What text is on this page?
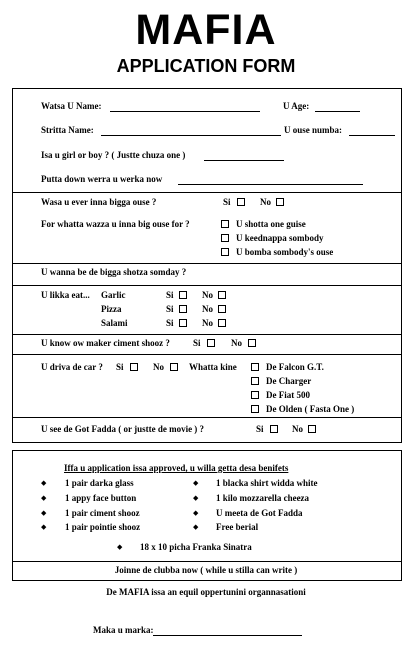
MAFIA
APPLICATION FORM
Watsa U Name:	U Age:
Stritta Name:	U ouse numba:
Isa u girl or boy ? ( Justte chuza one )
Putta down werra u werka now
Wasa u ever inna bigga ouse ?	Si	No
For whatta wazza u inna big ouse for ?	U shotta one guise
U keednappa sombody
U bomba sombody's ouse
U wanna be de bigga shotza somday ?
U likka eat... Garlic	Si	No
Pizza	Si	No
Salami	Si	No
U know ow maker ciment shooz ?	Si	No
U driva de car ? Si	No	Whatta kine	De Falcon G.T.
De Charger
De Fiat 500
De Olden ( Fasta One )
U see de Got Fadda ( or justte de movie ) ?	Si	No
Iffa u application issa approved, u willa getta desa benifets
◆ 1 pair darka glass	◆ 1 blacka shirt widda white
◆ 1 appy face button	◆ 1 kilo mozzarella cheeza
◆ 1 pair ciment shooz	◆ U meeta de Got Fadda
◆ 1 pair pointie shooz	◆ Free berial
◆ 18 x 10 picha Franka Sinatra
Joinne de clubba now ( while u stilla can write )
De MAFIA issa an equil oppertunini organnasationi
Maka u marka:
